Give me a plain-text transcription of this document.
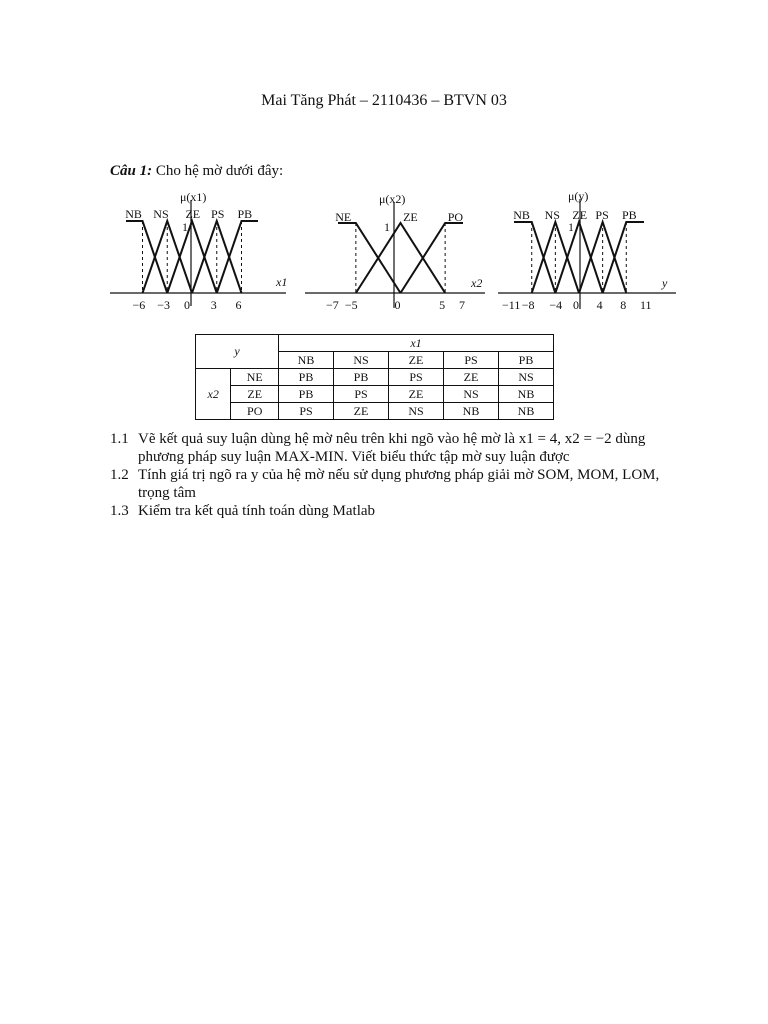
Mai Tăng Phát – 2110436 – BTVN 03
Câu 1: Cho hệ mờ dưới đây:
μ(x1)
x1
1
NB NS ZE PS PB
−6 −3 0 3 6
μ(x2)
x2
1
NE	ZE PO
−7 −5	0	5 7
μ(y)
y
1
NB NS ZE PS PB
−11 −8 −4 0 4 8 11
y		x1				
		NB	NS	ZE	PS	PB
x2	NE	PB	PB	PS	ZE	NS
	ZE	PB	PS	ZE	NS	NB
	PO	PS	ZE	NS	NB	NB
1.1 Vẽ kết quả suy luận dùng hệ mờ nêu trên khi ngõ vào hệ mờ là x1 = 4, x2 = −2 dùng phương pháp suy luận MAX-MIN. Viết biểu thức tập mờ suy luận được
1.2 Tính giá trị ngõ ra y của hệ mờ nếu sử dụng phương pháp giải mờ SOM, MOM, LOM, trọng tâm
1.3 Kiểm tra kết quả tính toán dùng Matlab
